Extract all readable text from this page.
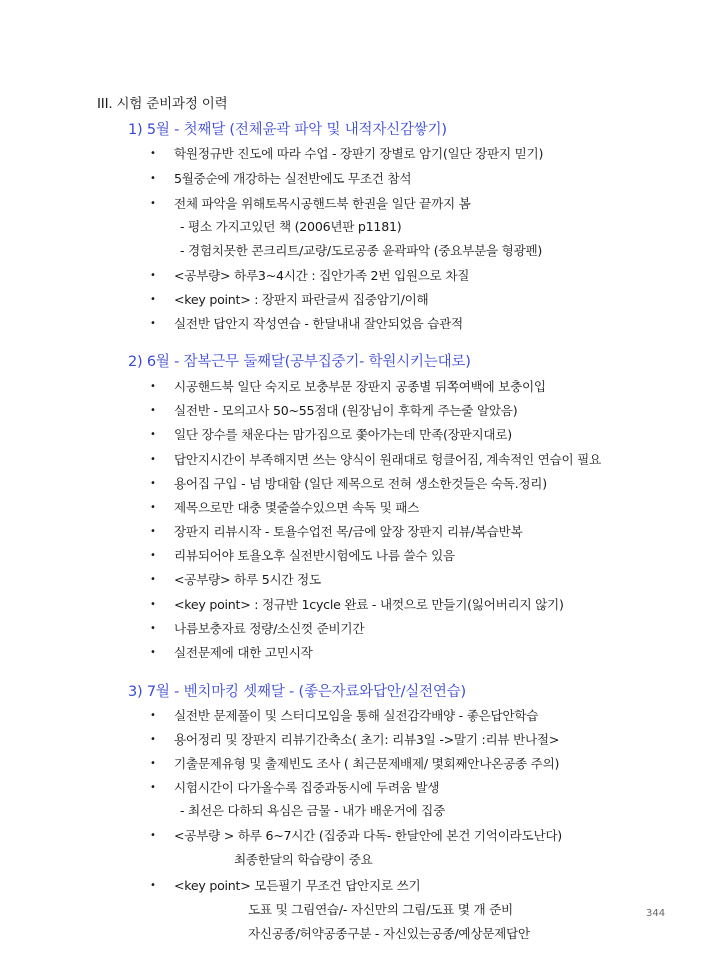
III. 시험 준비과정 이력
1) 5월 - 첫째달 (전체윤곽 파악 및 내적자신감쌓기)
• 학원정규반 진도에 따라 수업 - 장판기 장별로 암기(일단 장판지 믿기)
• 5월중순에 개강하는 실전반에도 무조건 참석
• 전체 파악을 위해토목시공핸드북 한권을 일단 끝까지 봄
- 평소 가지고있던 책 (2006년판 p1181)
- 경험치못한 콘크리트/교량/도로공종 윤곽파악 (중요부분을 형광펜)
• <공부량> 하루3~4시간 : 집안가족 2번 입원으로 차질
• <key point> : 장판지 파란글씨 집중암기/이해
• 실전반 답안지 작성연습 - 한달내내 잘안되었음 습관적
2) 6월 - 잠복근무 둘째달(공부집중기- 학원시키는대로)
• 시공핸드북 일단 숙지로 보충부문 장판지 공종별 뒤쪽여백에 보충이입
• 실전반 - 모의고사 50~55점대 (원장님이 후학게 주는줄 알았음)
• 일단 장수를 채운다는 맘가짐으로 쫓아가는데 만족(장판지대로)
• 답안지시간이 부족해지면 쓰는 양식이 원래대로 헝클어짐, 계속적인 연습이 필요
• 용어집 구입 - 넘 방대함 (일단 제목으로 전혀 생소한것들은 숙독.정리)
• 제목으로만 대충 몇줄쓸수있으면 속독 및 패스
• 장판지 리뷰시작 - 토욜수업전 목/금에 앞장 장판지 리뷰/복습반복
• 리뷰되어야 토욜오후 실전반시험에도 나름 쓸수 있음
• <공부량> 하루 5시간 정도
• <key point> : 정규반 1cycle 완료 - 내껏으로 만들기(잃어버리지 않기)
• 나름보충자료 정량/소신껏 준비기간
• 실전문제에 대한 고민시작
3) 7월 - 벤치마킹 셋째달 - (좋은자료와답안/실전연습)
• 실전반 문제풀이 및 스터디모임을 통해 실전감각배양 - 좋은답안학습
• 용어정리 및 장판지 리뷰기간축소( 초기: 리뷰3일 ->말기 :리뷰 반나절>
• 기출문제유형 및 출제빈도 조사 ( 최근문제배제/ 몇회째안나온공종 주의)
• 시험시간이 다가올수록 집중과동시에 두려움 발생
- 최선은 다하되 욕심은 금물 - 내가 배운거에 집중
• <공부량 > 하루 6~7시간 (집중과 다독- 한달안에 본건 기억이라도난다)
최종한달의 학습량이 중요
• <key point> 모든필기 무조건 답안지로 쓰기
도표 및 그림연습/- 자신만의 그림/도표 몇 개 준비
자신공종/허약공종구분 - 자신있는공종/예상문제답안
344
